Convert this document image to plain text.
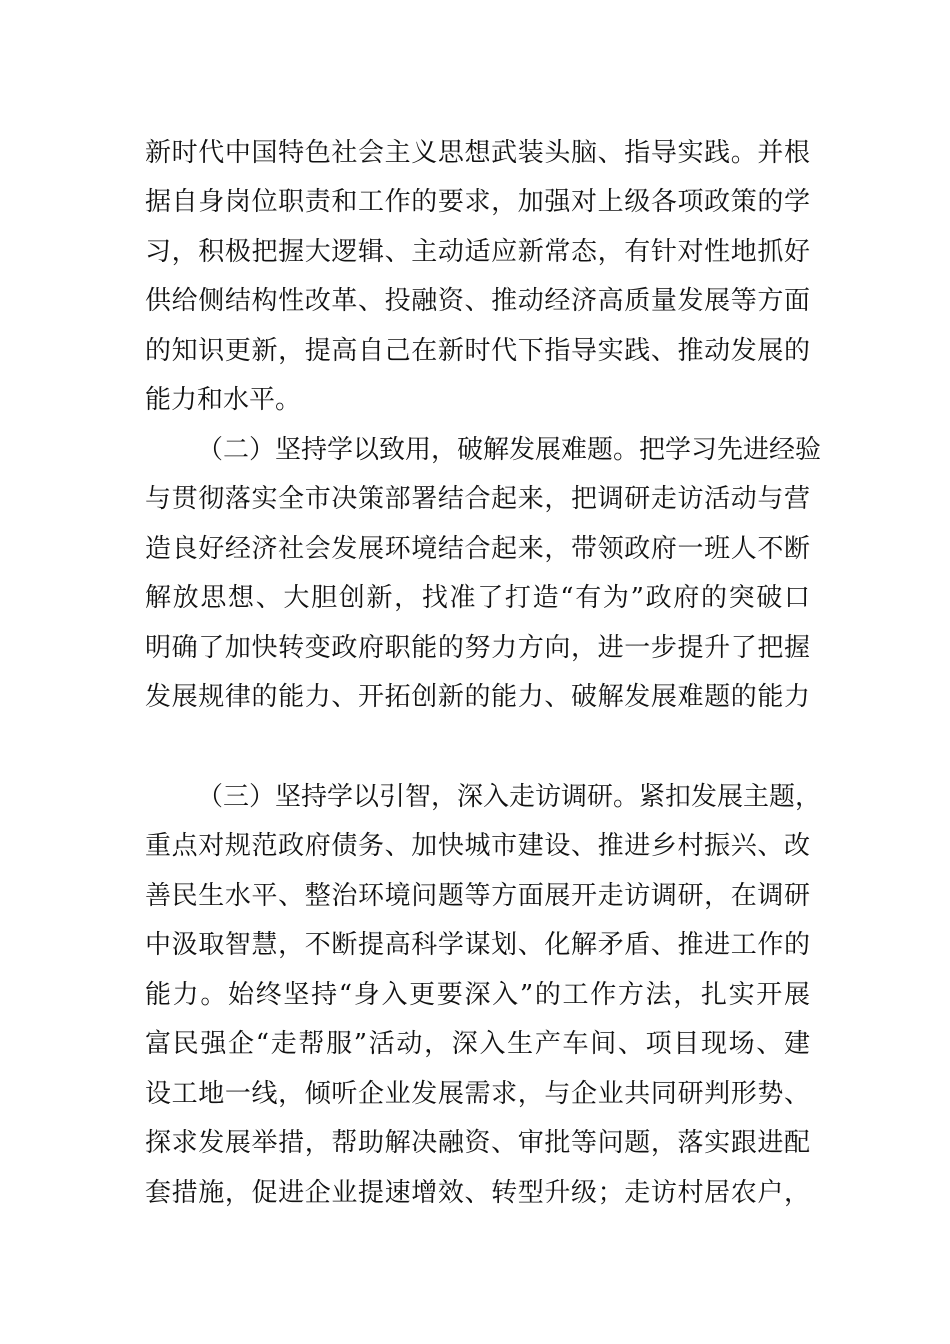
新时代中国特色社会主义思想武装头脑、指导实践。并根
据自身岗位职责和工作的要求，加强对上级各项政策的学
习，积极把握大逻辑、主动适应新常态，有针对性地抓好
供给侧结构性改革、投融资、推动经济高质量发展等方面
的知识更新，提高自己在新时代下指导实践、推动发展的
能力和水平。
（二）坚持学以致用，破解发展难题。把学习先进经验
与贯彻落实全市决策部署结合起来，把调研走访活动与营
造良好经济社会发展环境结合起来，带领政府一班人不断
解放思想、大胆创新，找准了打造“有为”政府的突破口
明确了加快转变政府职能的努力方向，进一步提升了把握
发展规律的能力、开拓创新的能力、破解发展难题的能力
（三）坚持学以引智，深入走访调研。紧扣发展主题，
重点对规范政府债务、加快城市建设、推进乡村振兴、改
善民生水平、整治环境问题等方面展开走访调研，在调研
中汲取智慧，不断提高科学谋划、化解矛盾、推进工作的
能力。始终坚持“身入更要深入”的工作方法，扎实开展
富民强企“走帮服”活动，深入生产车间、项目现场、建
设工地一线，倾听企业发展需求，与企业共同研判形势、
探求发展举措，帮助解决融资、审批等问题，落实跟进配
套措施，促进企业提速增效、转型升级；走访村居农户，
